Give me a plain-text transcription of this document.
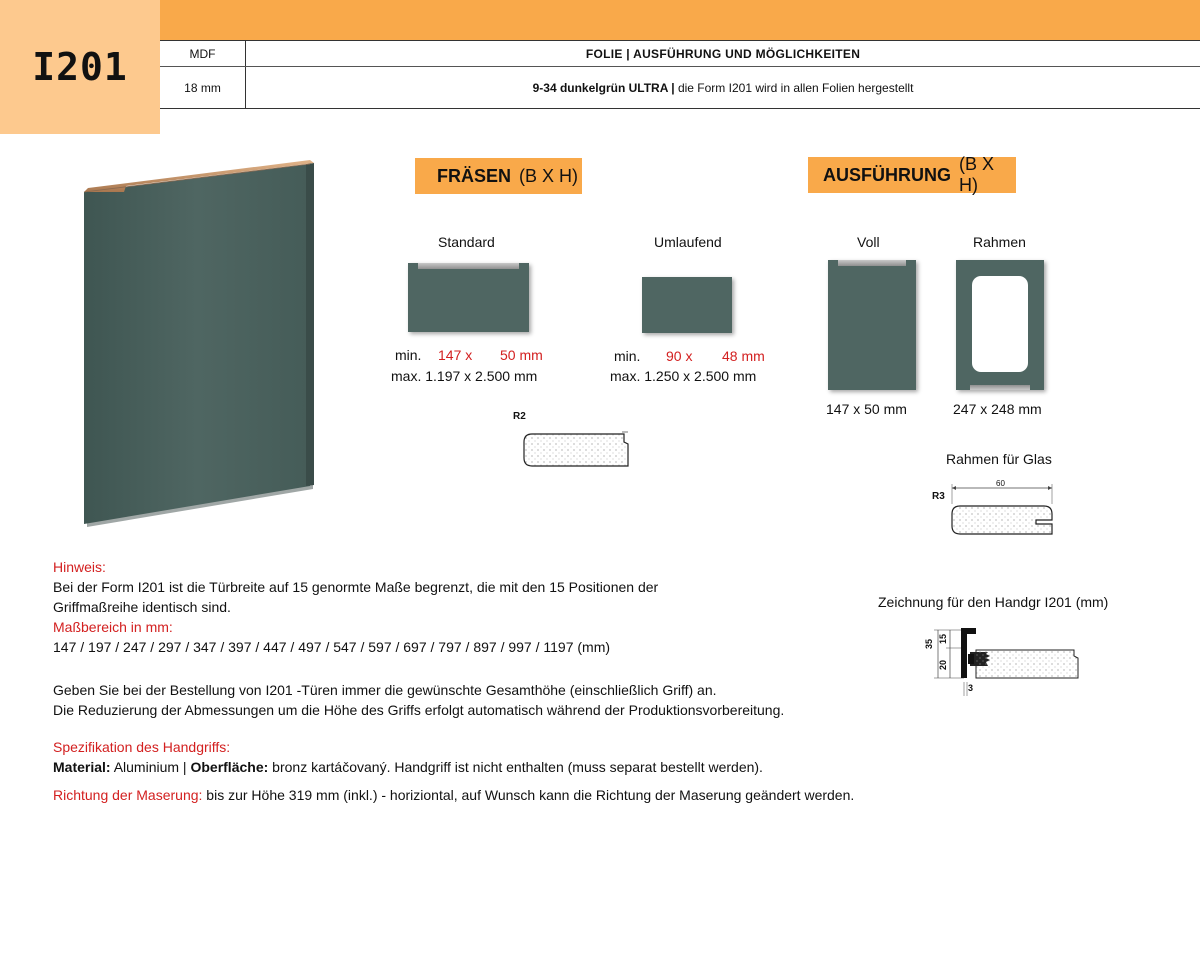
I201	MDF	FOLIE | AUSFÜHRUNG UND MÖGLICHKEITEN
18 mm	9-34 dunkelgrün ULTRA | die Form I201 wird in allen Folien hergestellt
FRÄSEN (B X H)
Standard
min. 147 x 50 mm
max. 1.197 x 2.500 mm
Umlaufend
min. 90 x 48 mm
max. 1.250 x 2.500 mm
R2
AUSFÜHRUNG
(B X H)
Voll
147 x 50 mm
Rahmen
247 x 248 mm
Rahmen für Glas
R3
60
Zeichnung für den Handgr I201 (mm)
35 15
20
3
Hinweis:
Bei der Form I201 ist die Türbreite auf 15 genormte Maße begrenzt, die mit den 15 Positionen der
Griffmaßreihe identisch sind.
Maßbereich in mm:
147 / 197 / 247 / 297 / 347 / 397 / 447 / 497 / 547 / 597 / 697 / 797 / 897 / 997 / 1197 (mm)
Geben Sie bei der Bestellung von I201 -Türen immer die gewünschte Gesamthöhe (einschließlich Griff) an.
Die Reduzierung der Abmessungen um die Höhe des Griffs erfolgt automatisch während der Produktionsvorbereitung.
Spezifikation des Handgriffs:
Material: Aluminium | Oberfläche: bronz kartáčovaný. Handgriff ist nicht enthalten (muss separat bestellt werden).
Richtung der Maserung: bis zur Höhe 319 mm (inkl.) - horiziontal, auf Wunsch kann die Richtung der Maserung geändert werden.
